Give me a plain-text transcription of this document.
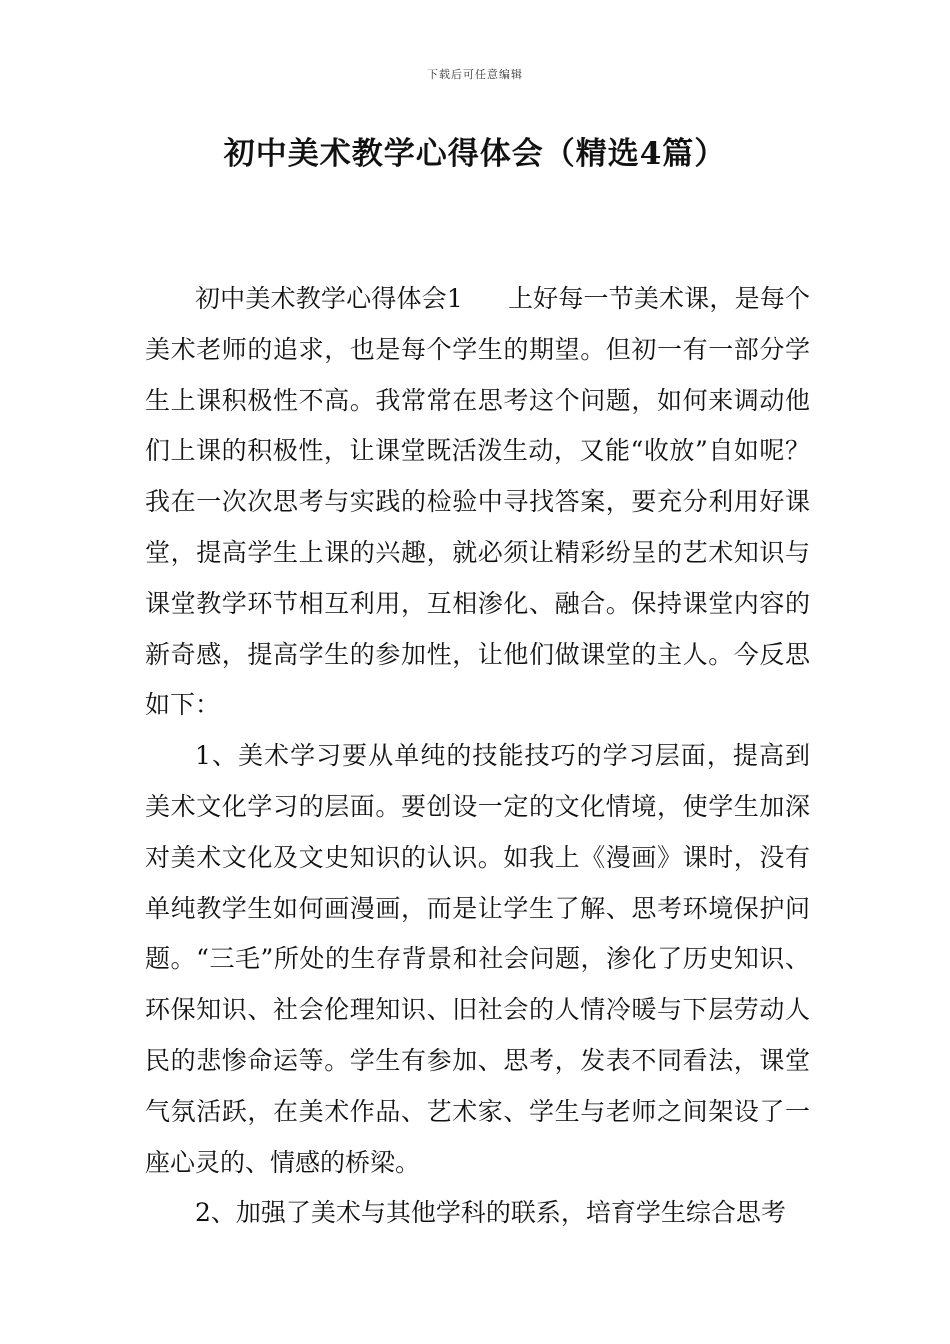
下载后可任意编辑
初中美术教学心得体会（精选4篇）

初中美术教学心得体会1 上好每一节美术课，是每个美术老师的追求，也是每个学生的期望。但初一有一部分学生上课积极性不高。我常常在思考这个问题，如何来调动他们上课的积极性，让课堂既活泼生动，又能“收放”自如呢？我在一次次思考与实践的检验中寻找答案，要充分利用好课堂，提高学生上课的兴趣，就必须让精彩纷呈的艺术知识与课堂教学环节相互利用，互相渗化、融合。保持课堂内容的新奇感，提高学生的参加性，让他们做课堂的主人。今反思如下：

1、美术学习要从单纯的技能技巧的学习层面，提高到美术文化学习的层面。要创设一定的文化情境，使学生加深对美术文化及文史知识的认识。如我上《漫画》课时，没有单纯教学生如何画漫画，而是让学生了解、思考环境保护问题。“三毛”所处的生存背景和社会问题，渗化了历史知识、环保知识、社会伦理知识、旧社会的人情冷暖与下层劳动人民的悲惨命运等。学生有参加、思考，发表不同看法，课堂气氛活跃，在美术作品、艺术家、学生与老师之间架设了一座心灵的、情感的桥梁。

2、加强了美术与其他学科的联系，培育学生综合思考
